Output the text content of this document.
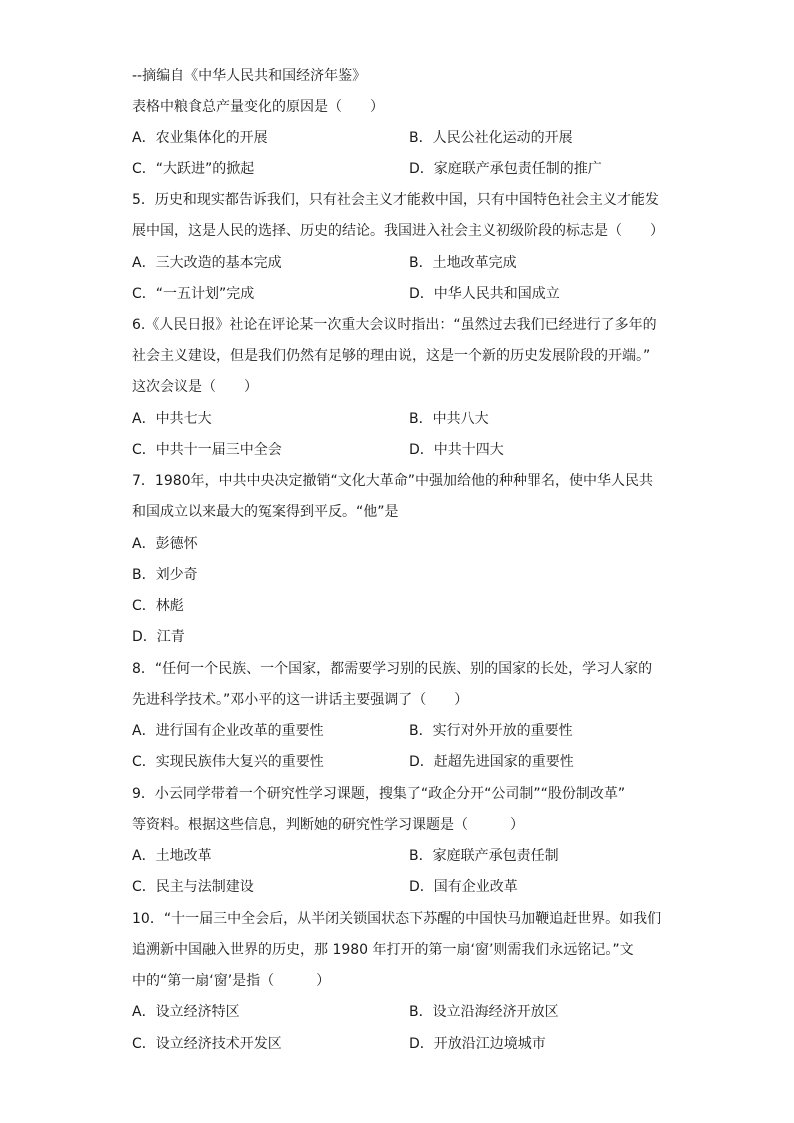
--摘编自《中华人民共和国经济年鉴》
表格中粮食总产量变化的原因是（　　）
A．农业集体化的开展	B．人民公社化运动的开展
C．“大跃进”的掀起	D．家庭联产承包责任制的推广
5．历史和现实都告诉我们，只有社会主义才能救中国，只有中国特色社会主义才能发
展中国，这是人民的选择、历史的结论。我国进入社会主义初级阶段的标志是（　　）
A．三大改造的基本完成	B．土地改革完成
C．“一五计划”完成	D．中华人民共和国成立
6.《人民日报》社论在评论某一次重大会议时指出：“虽然过去我们已经进行了多年的
社会主义建设，但是我们仍然有足够的理由说，这是一个新的历史发展阶段的开端。”
这次会议是（　　）
A．中共七大	B．中共八大
C．中共十一届三中全会	D．中共十四大
7．1980年，中共中央决定撤销“文化大革命”中强加给他的种种罪名，使中华人民共
和国成立以来最大的冤案得到平反。“他”是
A．彭德怀
B．刘少奇
C．林彪
D．江青
8．“任何一个民族、一个国家，都需要学习别的民族、别的国家的长处，学习人家的
先进科学技术。”邓小平的这一讲话主要强调了（　　）
A．进行国有企业改革的重要性	B．实行对外开放的重要性
C．实现民族伟大复兴的重要性	D．赶超先进国家的重要性
9．小云同学带着一个研究性学习课题，搜集了“政企分开“公司制”“股份制改革”
等资料。根据这些信息，判断她的研究性学习课题是（　　　）
A．土地改革	B．家庭联产承包责任制
C．民主与法制建设	D．国有企业改革
10．“十一届三中全会后，从半闭关锁国状态下苏醒的中国快马加鞭追赶世界。如我们
追溯新中国融入世界的历史，那 1980 年打开的第一扇‘窗’则需我们永远铭记。”文
中的“第一扇‘窗’是指（　　　）
A．设立经济特区	B．设立沿海经济开放区
C．设立经济技术开发区	D．开放沿江边境城市
